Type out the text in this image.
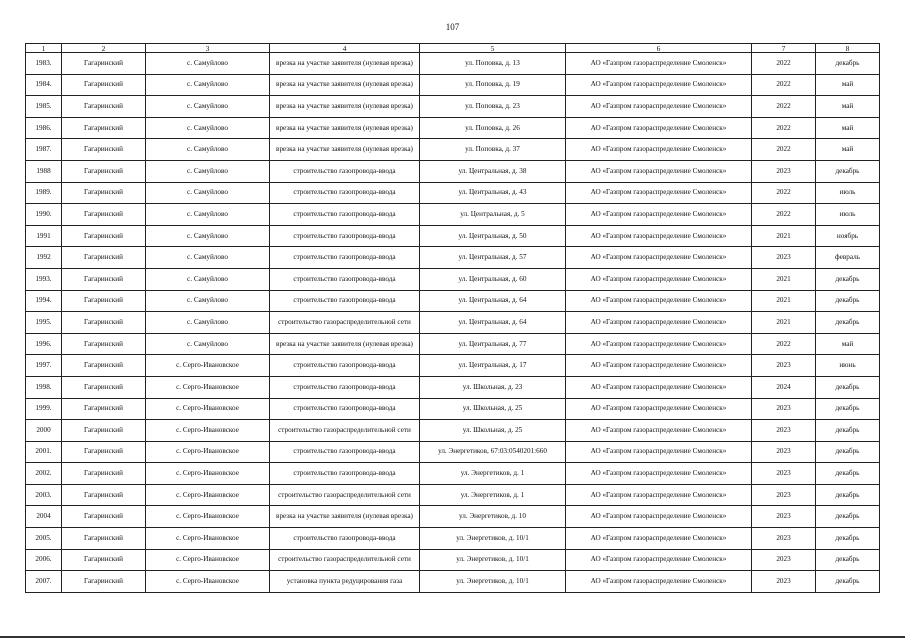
107
1	2	3	4	5	6	7	8
1983.	Гагаринский	с. Самуйлово	врезка на участке заявителя (нулевая врезка)	ул. Поповка, д. 13	АО «Газпром газораспределение Смоленск»	2022	декабрь
1984.	Гагаринский	с. Самуйлово	врезка на участке заявителя (нулевая врезка)	ул. Поповка, д. 19	АО «Газпром газораспределение Смоленск»	2022	май
1985.	Гагаринский	с. Самуйлово	врезка на участке заявителя (нулевая врезка)	ул. Поповка, д. 23	АО «Газпром газораспределение Смоленск»	2022	май
1986.	Гагаринский	с. Самуйлово	врезка на участке заявителя (нулевая врезка)	ул. Поповка, д. 26	АО «Газпром газораспределение Смоленск»	2022	май
1987.	Гагаринский	с. Самуйлово	врезка на участке заявителя (нулевая врезка)	ул. Поповка, д. 37	АО «Газпром газораспределение Смоленск»	2022	май
1988	Гагаринский	с. Самуйлово	строительство газопровода-ввода	ул. Центральная, д. 38	АО «Газпром газораспределение Смоленск»	2023	декабрь
1989.	Гагаринский	с. Самуйлово	строительство газопровода-ввода	ул. Центральная, д. 43	АО «Газпром газораспределение Смоленск»	2022	июль
1990.	Гагаринский	с. Самуйлово	строительство газопровода-ввода	ул. Центральная, д. 5	АО «Газпром газораспределение Смоленск»	2022	июль
1991	Гагаринский	с. Самуйлово	строительство газопровода-ввода	ул. Центральная, д. 50	АО «Газпром газораспределение Смоленск»	2021	ноябрь
1992	Гагаринский	с. Самуйлово	строительство газопровода-ввода	ул. Центральная, д. 57	АО «Газпром газораспределение Смоленск»	2023	февраль
1993.	Гагаринский	с. Самуйлово	строительство газопровода-ввода	ул. Центральная, д. 60	АО «Газпром газораспределение Смоленск»	2021	декабрь
1994.	Гагаринский	с. Самуйлово	строительство газопровода-ввода	ул. Центральная, д. 64	АО «Газпром газораспределение Смоленск»	2021	декабрь
1995.	Гагаринский	с. Самуйлово	строительство газораспределительной сети	ул. Центральная, д. 64	АО «Газпром газораспределение Смоленск»	2021	декабрь
1996.	Гагаринский	с. Самуйлово	врезка на участке заявителя (нулевая врезка)	ул. Центральная, д. 77	АО «Газпром газораспределение Смоленск»	2022	май
1997.	Гагаринский	с. Серго-Ивановское	строительство газопровода-ввода	ул. Центральная, д. 17	АО «Газпром газораспределение Смоленск»	2023	июнь
1998.	Гагаринский	с. Серго-Ивановское	строительство газопровода-ввода	ул. Школьная, д. 23	АО «Газпром газораспределение Смоленск»	2024	декабрь
1999.	Гагаринский	с. Серго-Ивановское	строительство газопровода-ввода	ул. Школьная, д. 25	АО «Газпром газораспределение Смоленск»	2023	декабрь
2000	Гагаринский	с. Серго-Ивановское	строительство газораспределительной сети	ул. Школьная, д. 25	АО «Газпром газораспределение Смоленск»	2023	декабрь
2001.	Гагаринский	с. Серго-Ивановское	строительство газопровода-ввода	ул. Энергетиков, 67:03:0540201:660	АО «Газпром газораспределение Смоленск»	2023	декабрь
2002.	Гагаринский	с. Серго-Ивановское	строительство газопровода-ввода	ул. Энергетиков, д. 1	АО «Газпром газораспределение Смоленск»	2023	декабрь
2003.	Гагаринский	с. Серго-Ивановское	строительство газораспределительной сети	ул. Энергетиков, д. 1	АО «Газпром газораспределение Смоленск»	2023	декабрь
2004	Гагаринский	с. Серго-Ивановское	врезка на участке заявителя (нулевая врезка)	ул. Энергетиков, д. 10	АО «Газпром газораспределение Смоленск»	2023	декабрь
2005.	Гагаринский	с. Серго-Ивановское	строительство газопровода-ввода	ул. Энергетиков, д. 10/1	АО «Газпром газораспределение Смоленск»	2023	декабрь
2006.	Гагаринский	с. Серго-Ивановское	строительство газораспределительной сети	ул. Энергетиков, д. 10/1	АО «Газпром газораспределение Смоленск»	2023	декабрь
2007.	Гагаринский	с. Серго-Ивановское	установка пункта редуцирования газа	ул. Энергетиков, д. 10/1	АО «Газпром газораспределение Смоленск»	2023	декабрь
